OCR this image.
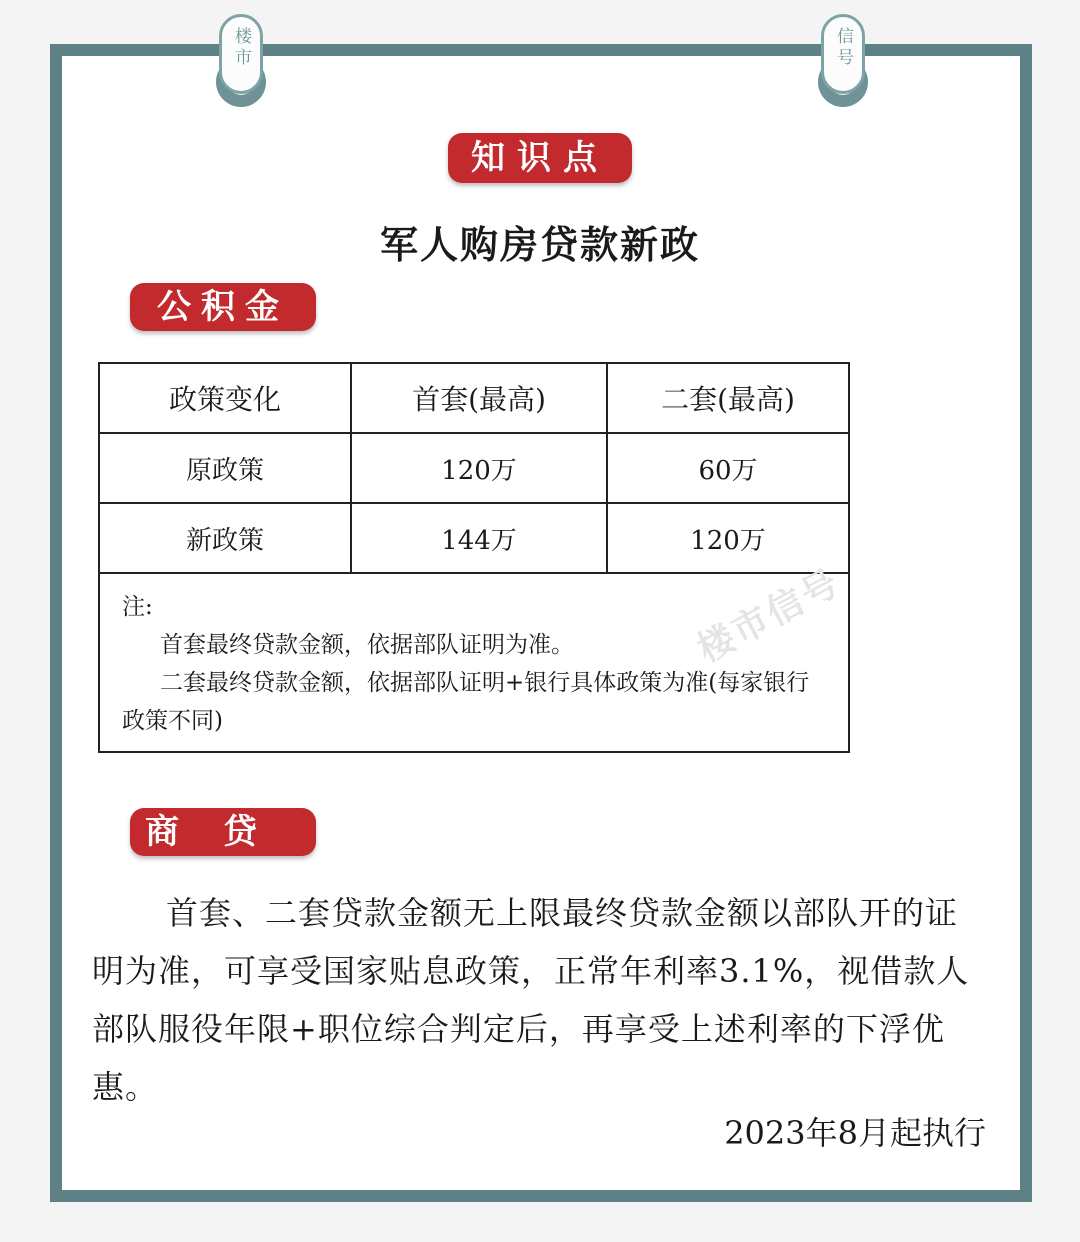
楼市	信号
知识点
军人购房贷款新政
公积金
政策变化	首套(最高)	二套(最高)
原政策	120万	60万
新政策	144万	120万
注:
首套最终贷款金额，依据部队证明为准。
二套最终贷款金额，依据部队证明+银行具体政策为准(每家银行政策不同)
楼市信号
商贷
首套、二套贷款金额无上限最终贷款金额以部队开的证明为准，可享受国家贴息政策，正常年利率3.1%，视借款人部队服役年限+职位综合判定后，再享受上述利率的下浮优惠。
2023年8月起执行
